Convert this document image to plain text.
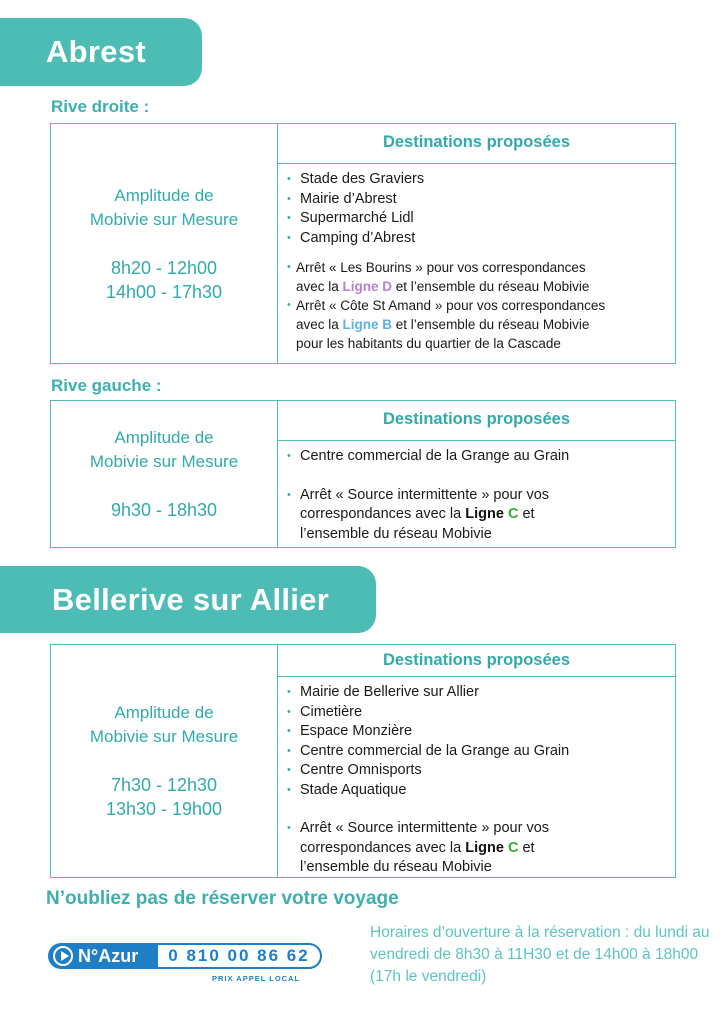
Abrest
Rive droite :
Amplitude de
Mobivie sur Mesure
8h20 - 12h00
14h00 - 17h30
Destinations proposées
• Stade des Graviers
• Mairie d’Abrest
• Supermarché Lidl
• Camping d’Abrest
• Arrêt « Les Bourins » pour vos correspondances
avec la Ligne D et l’ensemble du réseau Mobivie
• Arrêt « Côte St Amand » pour vos correspondances
avec la Ligne B et l’ensemble du réseau Mobivie
pour les habitants du quartier de la Cascade
Rive gauche :
Amplitude de
Mobivie sur Mesure
9h30 - 18h30
Destinations proposées
• Centre commercial de la Grange au Grain
• Arrêt « Source intermittente » pour vos
correspondances avec la Ligne C et
l’ensemble du réseau Mobivie
Bellerive sur Allier
Amplitude de
Mobivie sur Mesure
7h30 - 12h30
13h30 - 19h00
Destinations proposées
• Mairie de Bellerive sur Allier
• Cimetière
• Espace Monzière
• Centre commercial de la Grange au Grain
• Centre Omnisports
• Stade Aquatique
• Arrêt « Source intermittente » pour vos
correspondances avec la Ligne C et
l’ensemble du réseau Mobivie
N’oubliez pas de réserver votre voyage
N°Azur	0 810 00 86 62
PRIX APPEL LOCAL
Horaires d’ouverture à la réservation : du lundi au vendredi de 8h30 à 11H30 et de 14h00 à 18h00 (17h le vendredi)
